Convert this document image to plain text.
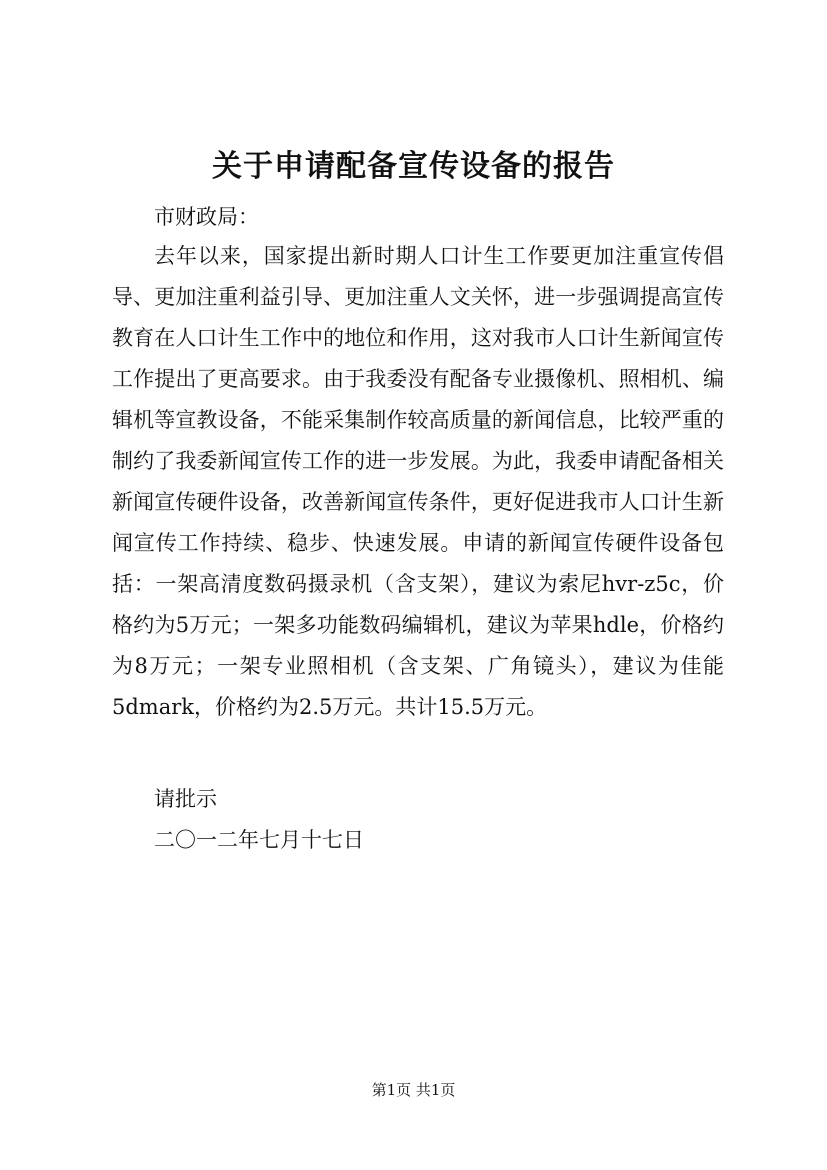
关于申请配备宣传设备的报告
市财政局：
去年以来，国家提出新时期人口计生工作要更加注重宣传倡导、更加注重利益引导、更加注重人文关怀，进一步强调提高宣传教育在人口计生工作中的地位和作用，这对我市人口计生新闻宣传工作提出了更高要求。由于我委没有配备专业摄像机、照相机、编辑机等宣教设备，不能采集制作较高质量的新闻信息，比较严重的制约了我委新闻宣传工作的进一步发展。为此，我委申请配备相关新闻宣传硬件设备，改善新闻宣传条件，更好促进我市人口计生新闻宣传工作持续、稳步、快速发展。申请的新闻宣传硬件设备包括：一架高清度数码摄录机（含支架），建议为索尼hvr-z5c，价格约为5万元；一架多功能数码编辑机，建议为苹果hdle，价格约为8万元；一架专业照相机（含支架、广角镜头），建议为佳能5dmark，价格约为2.5万元。共计15.5万元。
请批示
二〇一二年七月十七日
第1页 共1页
